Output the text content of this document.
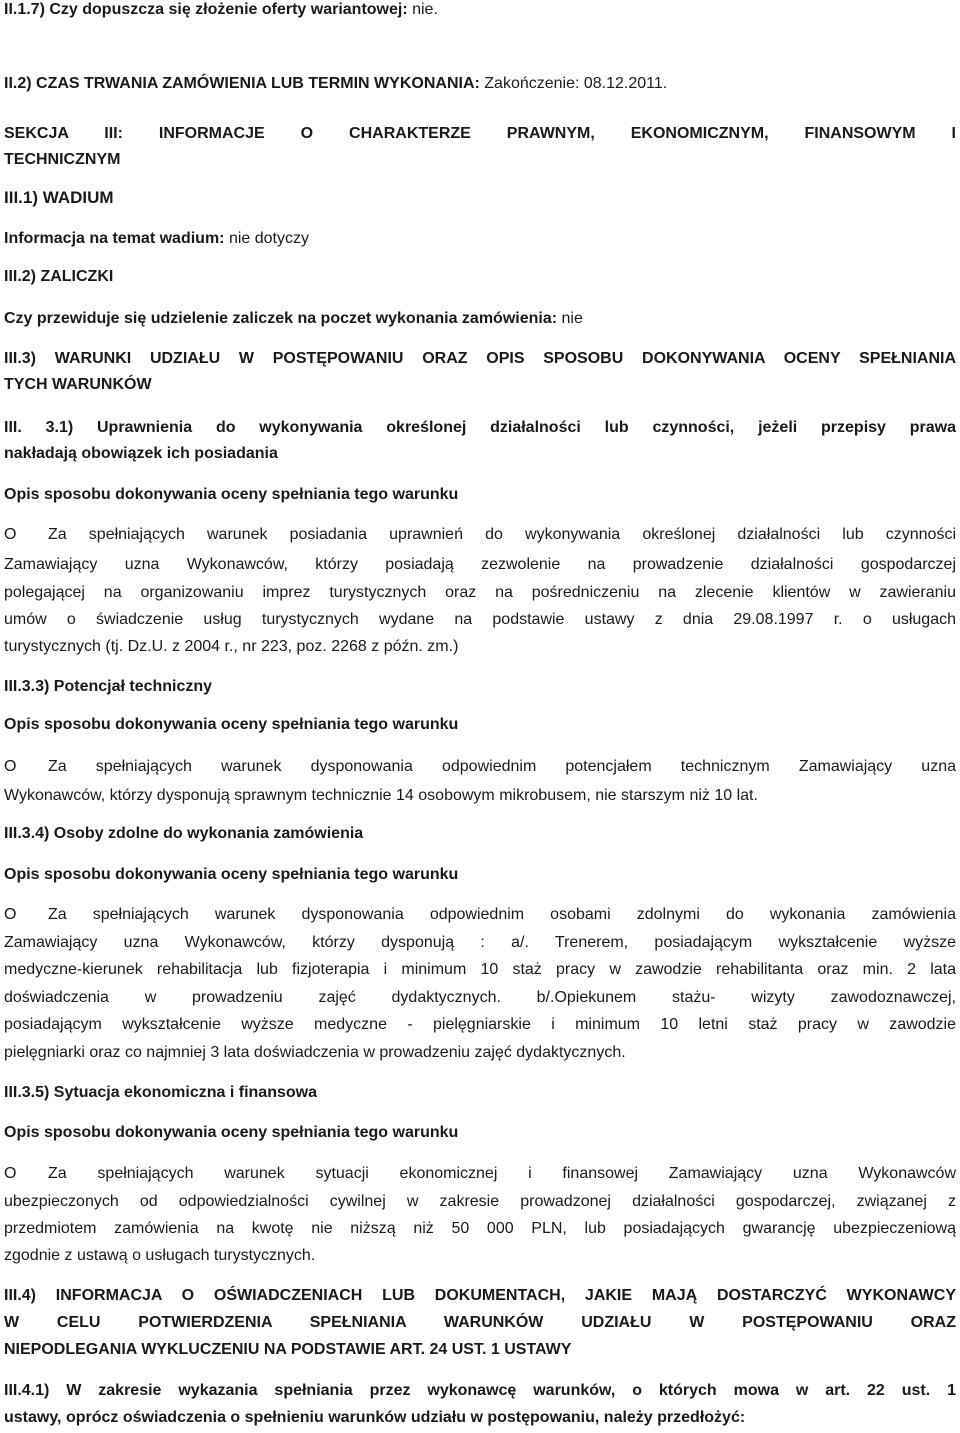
II.1.7) Czy dopuszcza się złożenie oferty wariantowej: nie.
II.2) CZAS TRWANIA ZAMÓWIENIA LUB TERMIN WYKONANIA: Zakończenie: 08.12.2011.
SEKCJA III: INFORMACJE O CHARAKTERZE PRAWNYM, EKONOMICZNYM, FINANSOWYM I
TECHNICZNYM
III.1) WADIUM
Informacja na temat wadium: nie dotyczy
III.2) ZALICZKI
Czy przewiduje się udzielenie zaliczek na poczet wykonania zamówienia: nie
III.3) WARUNKI UDZIAŁU W POSTĘPOWANIU ORAZ OPIS SPOSOBU DOKONYWANIA OCENY SPEŁNIANIA
TYCH WARUNKÓW
III. 3.1) Uprawnienia do wykonywania określonej działalności lub czynności, jeżeli przepisy prawa
nakładają obowiązek ich posiadania
Opis sposobu dokonywania oceny spełniania tego warunku
O Za spełniających warunek posiadania uprawnień do wykonywania określonej działalności lub czynności
Zamawiający uzna Wykonawców, którzy posiadają zezwolenie na prowadzenie działalności gospodarczej
polegającej na organizowaniu imprez turystycznych oraz na pośredniczeniu na zlecenie klientów w zawieraniu
umów o świadczenie usług turystycznych wydane na podstawie ustawy z dnia 29.08.1997 r. o usługach
turystycznych (tj. Dz.U. z 2004 r., nr 223, poz. 2268 z późn. zm.)
III.3.3) Potencjał techniczny
Opis sposobu dokonywania oceny spełniania tego warunku
O Za spełniających warunek dysponowania odpowiednim potencjałem technicznym Zamawiający uzna
Wykonawców, którzy dysponują sprawnym technicznie 14 osobowym mikrobusem, nie starszym niż 10 lat.
III.3.4) Osoby zdolne do wykonania zamówienia
Opis sposobu dokonywania oceny spełniania tego warunku
O Za spełniających warunek dysponowania odpowiednim osobami zdolnymi do wykonania zamówienia
Zamawiający uzna Wykonawców, którzy dysponują : a/. Trenerem, posiadającym wykształcenie wyższe
medyczne-kierunek rehabilitacja lub fizjoterapia i minimum 10 staż pracy w zawodzie rehabilitanta oraz min. 2 lata
doświadczenia w prowadzeniu zajęć dydaktycznych. b/.Opiekunem stażu- wizyty zawodoznawczej,
posiadającym wykształcenie wyższe medyczne - pielęgniarskie i minimum 10 letni staż pracy w zawodzie
pielęgniarki oraz co najmniej 3 lata doświadczenia w prowadzeniu zajęć dydaktycznych.
III.3.5) Sytuacja ekonomiczna i finansowa
Opis sposobu dokonywania oceny spełniania tego warunku
O Za spełniających warunek sytuacji ekonomicznej i finansowej Zamawiający uzna Wykonawców
ubezpieczonych od odpowiedzialności cywilnej w zakresie prowadzonej działalności gospodarczej, związanej z
przedmiotem zamówienia na kwotę nie niższą niż 50 000 PLN, lub posiadających gwarancję ubezpieczeniową
zgodnie z ustawą o usługach turystycznych.
III.4) INFORMACJA O OŚWIADCZENIACH LUB DOKUMENTACH, JAKIE MAJĄ DOSTARCZYĆ WYKONAWCY
W CELU POTWIERDZENIA SPEŁNIANIA WARUNKÓW UDZIAŁU W POSTĘPOWANIU ORAZ
NIEPODLEGANIA WYKLUCZENIU NA PODSTAWIE ART. 24 UST. 1 USTAWY
III.4.1) W zakresie wykazania spełniania przez wykonawcę warunków, o których mowa w art. 22 ust. 1
ustawy, oprócz oświadczenia o spełnieniu warunków udziału w postępowaniu, należy przedłożyć:
